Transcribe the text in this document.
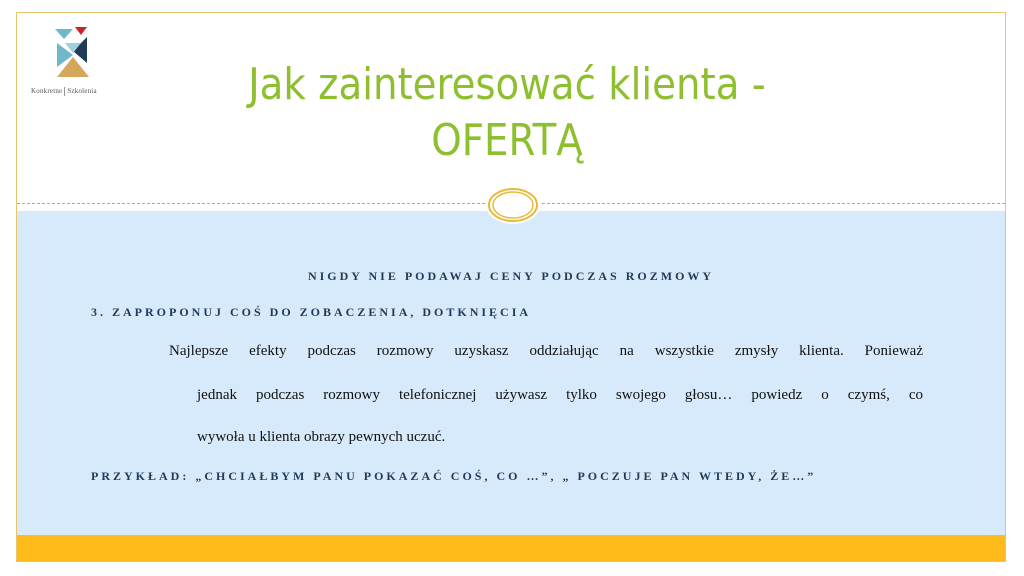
Konkretne Szkolenia	Jak zainteresować klienta -
OFERTĄ
NIGDY NIE PODAWAJ CENY PODCZAS ROZMOWY
3. ZAPROPONUJ COŚ DO ZOBACZENIA, DOTKNIĘCIA
Najlepsze efekty podczas rozmowy uzyskasz oddziałując na wszystkie zmysły klienta. Ponieważ
jednak podczas rozmowy telefonicznej używasz tylko swojego głosu… powiedz o czymś, co
wywoła u klienta obrazy pewnych uczuć.
PRZYKŁAD: „CHCIAŁBYM PANU POKAZAĆ COŚ, CO …”, „ POCZUJE PAN WTEDY, ŻE…”
